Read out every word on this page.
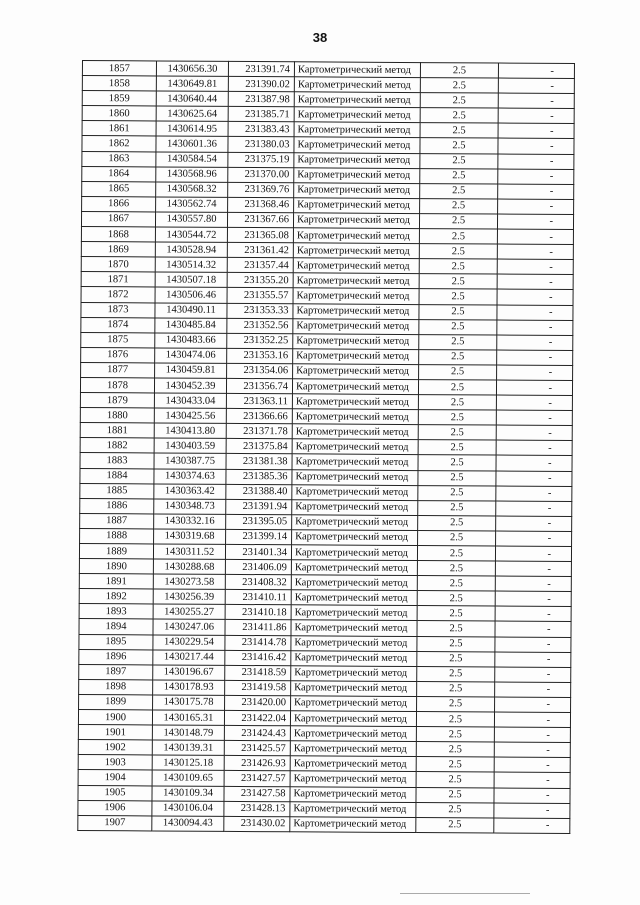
38
1857	1430656.30	231391.74	Картометрический метод	2.5	-
1858	1430649.81	231390.02	Картометрический метод	2.5	-
1859	1430640.44	231387.98	Картометрический метод	2.5	-
1860	1430625.64	231385.71	Картометрический метод	2.5	-
1861	1430614.95	231383.43	Картометрический метод	2.5	-
1862	1430601.36	231380.03	Картометрический метод	2.5	-
1863	1430584.54	231375.19	Картометрический метод	2.5	-
1864	1430568.96	231370.00	Картометрический метод	2.5	-
1865	1430568.32	231369.76	Картометрический метод	2.5	-
1866	1430562.74	231368.46	Картометрический метод	2.5	-
1867	1430557.80	231367.66	Картометрический метод	2.5	-
1868	1430544.72	231365.08	Картометрический метод	2.5	-
1869	1430528.94	231361.42	Картометрический метод	2.5	-
1870	1430514.32	231357.44	Картометрический метод	2.5	-
1871	1430507.18	231355.20	Картометрический метод	2.5	-
1872	1430506.46	231355.57	Картометрический метод	2.5	-
1873	1430490.11	231353.33	Картометрический метод	2.5	-
1874	1430485.84	231352.56	Картометрический метод	2.5	-
1875	1430483.66	231352.25	Картометрический метод	2.5	-
1876	1430474.06	231353.16	Картометрический метод	2.5	-
1877	1430459.81	231354.06	Картометрический метод	2.5	-
1878	1430452.39	231356.74	Картометрический метод	2.5	-
1879	1430433.04	231363.11	Картометрический метод	2.5	-
1880	1430425.56	231366.66	Картометрический метод	2.5	-
1881	1430413.80	231371.78	Картометрический метод	2.5	-
1882	1430403.59	231375.84	Картометрический метод	2.5	-
1883	1430387.75	231381.38	Картометрический метод	2.5	-
1884	1430374.63	231385.36	Картометрический метод	2.5	-
1885	1430363.42	231388.40	Картометрический метод	2.5	-
1886	1430348.73	231391.94	Картометрический метод	2.5	-
1887	1430332.16	231395.05	Картометрический метод	2.5	-
1888	1430319.68	231399.14	Картометрический метод	2.5	-
1889	1430311.52	231401.34	Картометрический метод	2.5	-
1890	1430288.68	231406.09	Картометрический метод	2.5	-
1891	1430273.58	231408.32	Картометрический метод	2.5	-
1892	1430256.39	231410.11	Картометрический метод	2.5	-
1893	1430255.27	231410.18	Картометрический метод	2.5	-
1894	1430247.06	231411.86	Картометрический метод	2.5	-
1895	1430229.54	231414.78	Картометрический метод	2.5	-
1896	1430217.44	231416.42	Картометрический метод	2.5	-
1897	1430196.67	231418.59	Картометрический метод	2.5	-
1898	1430178.93	231419.58	Картометрический метод	2.5	-
1899	1430175.78	231420.00	Картометрический метод	2.5	-
1900	1430165.31	231422.04	Картометрический метод	2.5	-
1901	1430148.79	231424.43	Картометрический метод	2.5	-
1902	1430139.31	231425.57	Картометрический метод	2.5	-
1903	1430125.18	231426.93	Картометрический метод	2.5	-
1904	1430109.65	231427.57	Картометрический метод	2.5	-
1905	1430109.34	231427.58	Картометрический метод	2.5	-
1906	1430106.04	231428.13	Картометрический метод	2.5	-
1907	1430094.43	231430.02	Картометрический метод	2.5	-
